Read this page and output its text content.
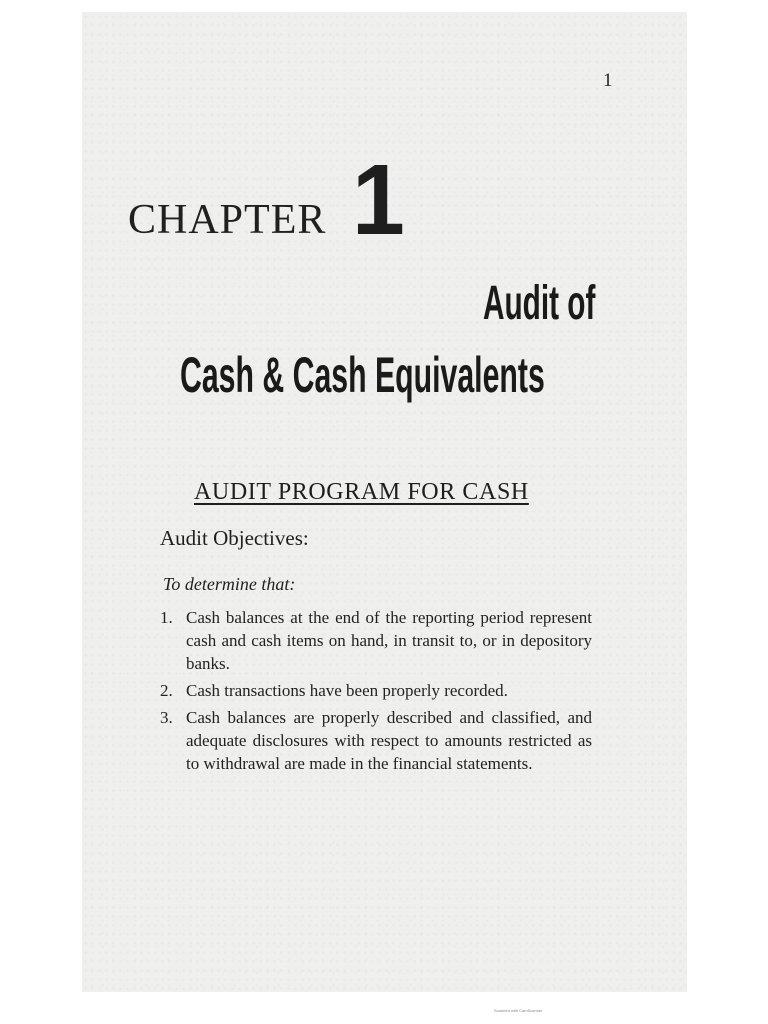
1
CHAPTER 1
Audit of
Cash & Cash Equivalents
AUDIT PROGRAM FOR CASH
Audit Objectives:
To determine that:
1. Cash balances at the end of the reporting period represent cash and cash items on hand, in transit to, or in depository banks.
2. Cash transactions have been properly recorded.
3. Cash balances are properly described and classified, and adequate disclosures with respect to amounts restricted as to withdrawal are made in the financial statements.
Scanned with CamScanner
